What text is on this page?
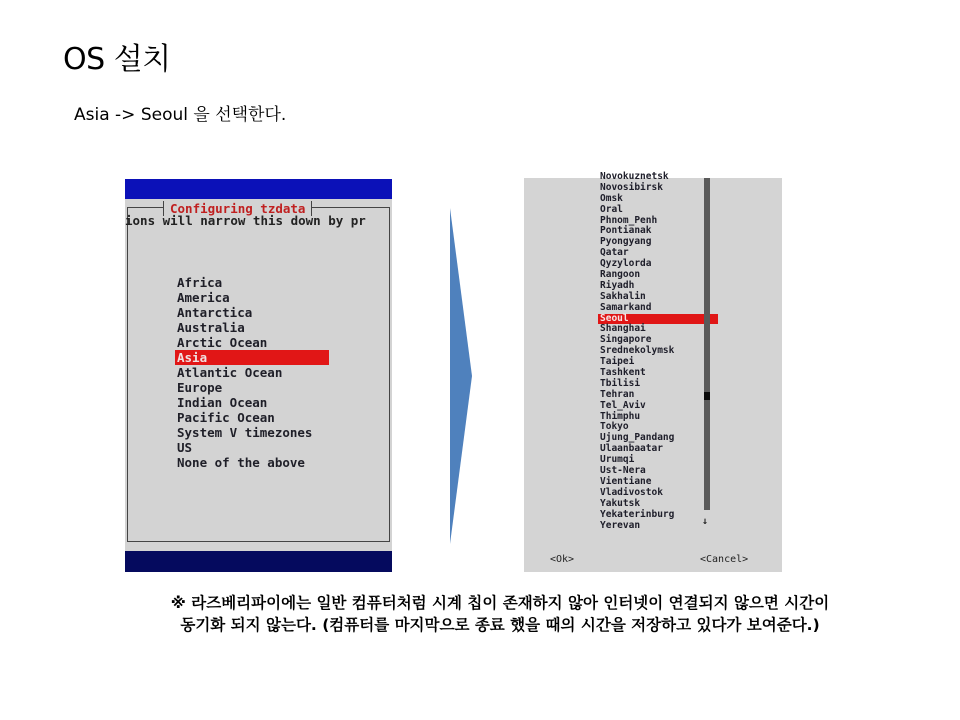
OS 설치
Asia -> Seoul 을 선택한다.
Configuring tzdata
ions will narrow this down by pr
Africa
America
Antarctica
Australia
Arctic Ocean
Asia
Atlantic Ocean
Europe
Indian Ocean
Pacific Ocean
System V timezones
US
None of the above
Novokuznetsk
Novosibirsk
Omsk
Oral
Phnom_Penh
Pontianak
Pyongyang
Qatar
Qyzylorda
Rangoon
Riyadh
Sakhalin
Samarkand
Seoul
Shanghai
Singapore
Srednekolymsk
Taipei
Tashkent
Tbilisi
Tehran
Tel_Aviv
Thimphu
Tokyo
Ujung_Pandang
Ulaanbaatar
Urumqi
Ust-Nera
Vientiane
Vladivostok
Yakutsk
Yekaterinburg
Yerevan	↓
<Ok>	<Cancel>
※ 라즈베리파이에는 일반 컴퓨터처럼 시계 칩이 존재하지 않아 인터넷이 연결되지 않으면 시간이
동기화 되지 않는다. (컴퓨터를 마지막으로 종료 했을 때의 시간을 저장하고 있다가 보여준다.)
